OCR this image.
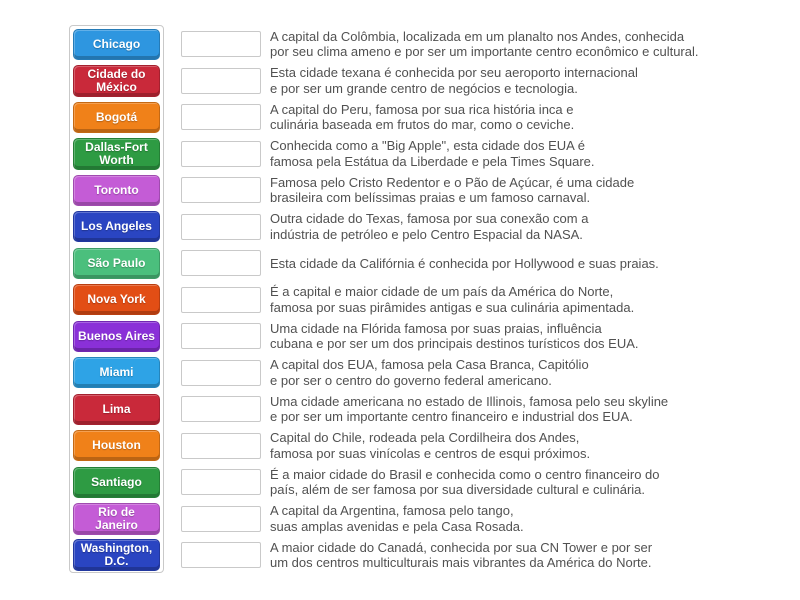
Chicago
A capital da Colômbia, localizada em um planalto nos Andes, conhecida
por seu clima ameno e por ser um importante centro econômico e cultural.
Cidade do México
Esta cidade texana é conhecida por seu aeroporto internacional
e por ser um grande centro de negócios e tecnologia.
Bogotá
A capital do Peru, famosa por sua rica história inca e
culinária baseada em frutos do mar, como o ceviche.
Dallas-Fort Worth
Conhecida como a "Big Apple", esta cidade dos EUA é
famosa pela Estátua da Liberdade e pela Times Square.
Toronto
Famosa pelo Cristo Redentor e o Pão de Açúcar, é uma cidade
brasileira com belíssimas praias e um famoso carnaval.
Los Angeles
Outra cidade do Texas, famosa por sua conexão com a
indústria de petróleo e pelo Centro Espacial da NASA.
São Paulo	Esta cidade da Califórnia é conhecida por Hollywood e suas praias.
Nova York
É a capital e maior cidade de um país da América do Norte,
famosa por suas pirâmides antigas e sua culinária apimentada.
Buenos Aires
Uma cidade na Flórida famosa por suas praias, influência
cubana e por ser um dos principais destinos turísticos dos EUA.
Miami
A capital dos EUA, famosa pela Casa Branca, Capitólio
e por ser o centro do governo federal americano.
Lima
Uma cidade americana no estado de Illinois, famosa pelo seu skyline
e por ser um importante centro financeiro e industrial dos EUA.
Houston
Capital do Chile, rodeada pela Cordilheira dos Andes,
famosa por suas vinícolas e centros de esqui próximos.
Santiago
É a maior cidade do Brasil e conhecida como o centro financeiro do
país, além de ser famosa por sua diversidade cultural e culinária.
Rio de Janeiro
A capital da Argentina, famosa pelo tango,
suas amplas avenidas e pela Casa Rosada.
Washington, D.C.
A maior cidade do Canadá, conhecida por sua CN Tower e por ser
um dos centros multiculturais mais vibrantes da América do Norte.
